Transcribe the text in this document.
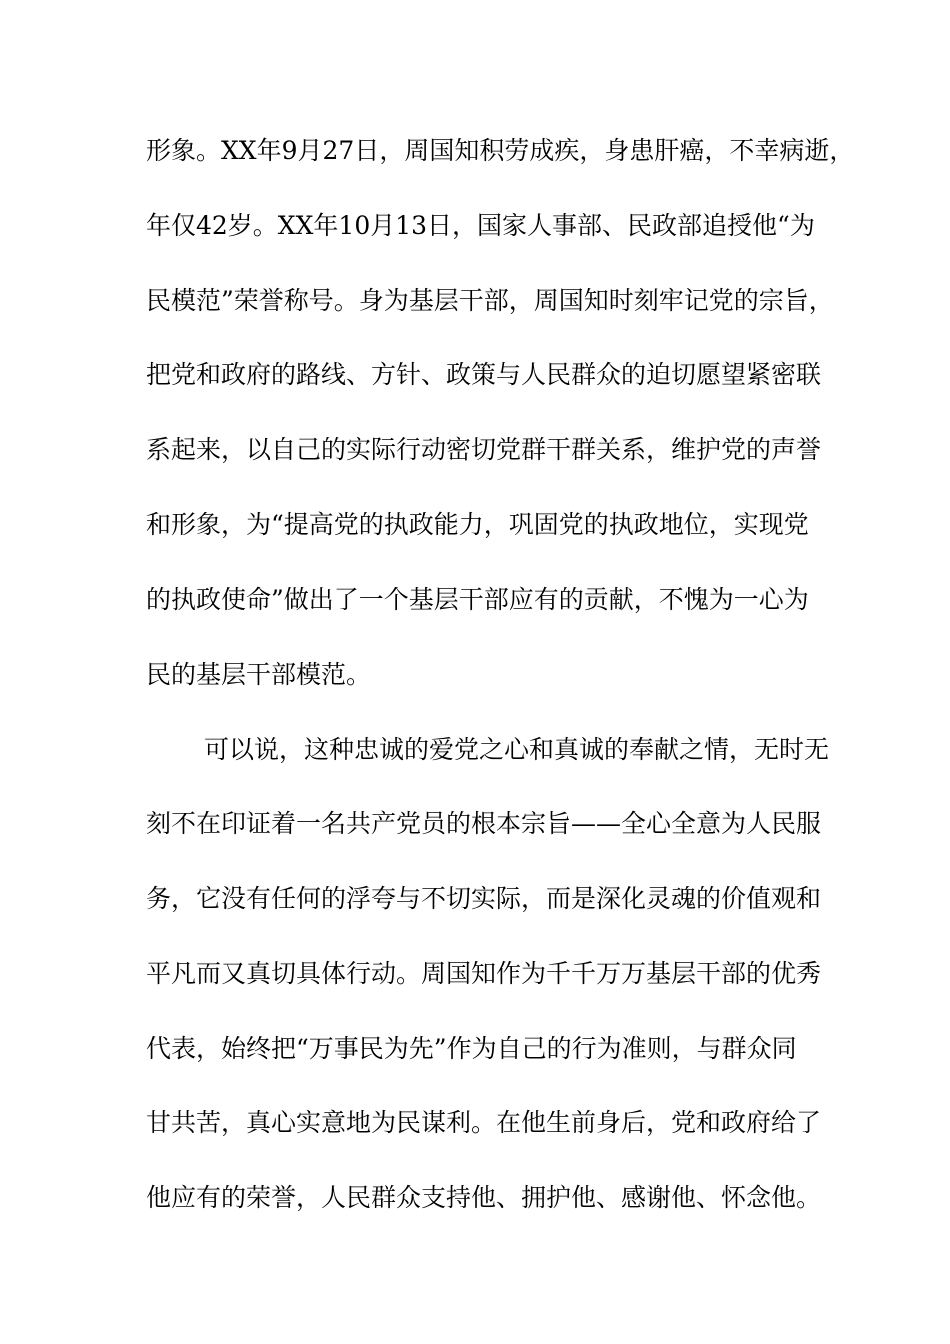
形象。XX年9月27日，周国知积劳成疾，身患肝癌，不幸病逝，
年仅42岁。XX年10月13日，国家人事部、民政部追授他“为
民模范”荣誉称号。身为基层干部，周国知时刻牢记党的宗旨，
把党和政府的路线、方针、政策与人民群众的迫切愿望紧密联
系起来，以自己的实际行动密切党群干群关系，维护党的声誉
和形象，为“提高党的执政能力，巩固党的执政地位，实现党
的执政使命”做出了一个基层干部应有的贡献，不愧为一心为
民的基层干部模范。
可以说，这种忠诚的爱党之心和真诚的奉献之情，无时无
刻不在印证着一名共产党员的根本宗旨——全心全意为人民服
务，它没有任何的浮夸与不切实际，而是深化灵魂的价值观和
平凡而又真切具体行动。周国知作为千千万万基层干部的优秀
代表，始终把“万事民为先”作为自己的行为准则，与群众同
甘共苦，真心实意地为民谋利。在他生前身后，党和政府给了
他应有的荣誉，人民群众支持他、拥护他、感谢他、怀念他。
